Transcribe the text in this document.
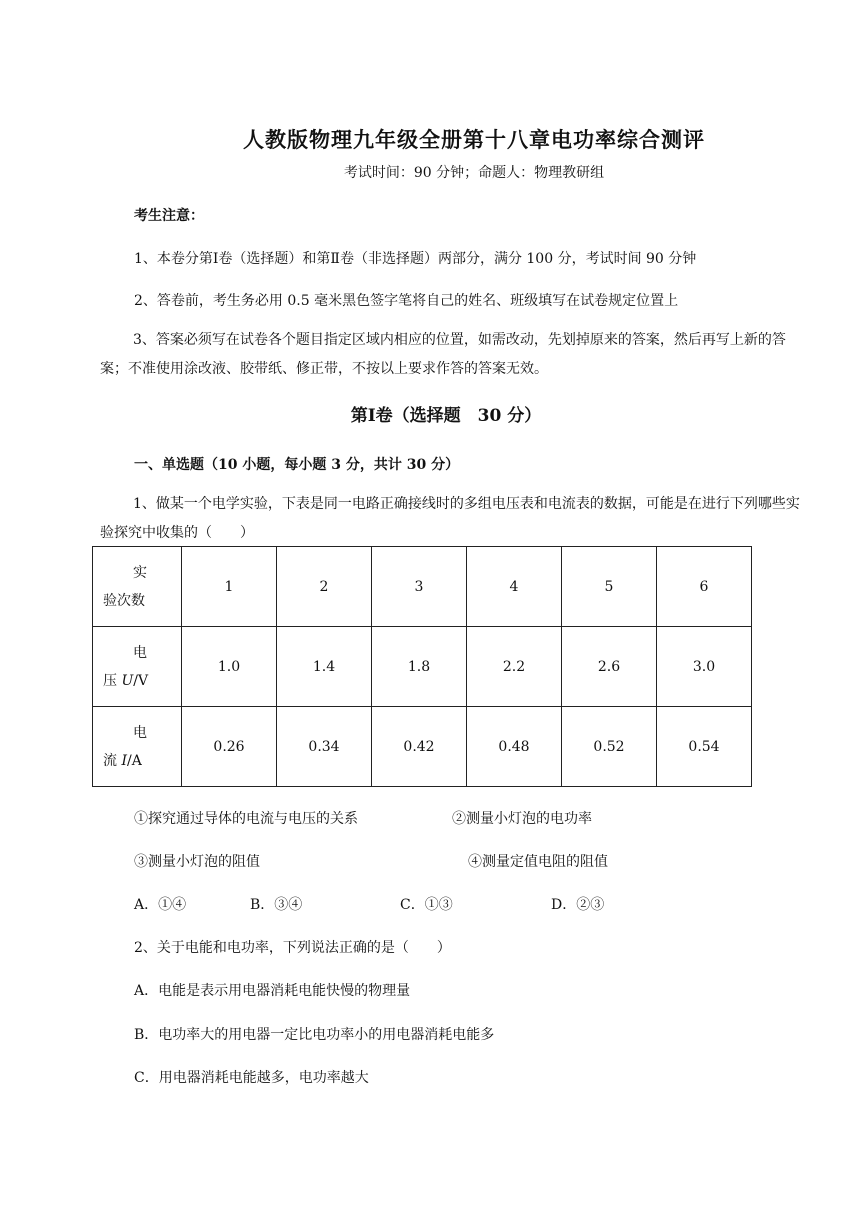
人教版物理九年级全册第十八章电功率综合测评
考试时间：90 分钟；命题人：物理教研组
考生注意：
1、本卷分第Ⅰ卷（选择题）和第Ⅱ卷（非选择题）两部分，满分 100 分，考试时间 90 分钟
2、答卷前，考生务必用 0.5 毫米黑色签字笔将自己的姓名、班级填写在试卷规定位置上
3、答案必须写在试卷各个题目指定区域内相应的位置，如需改动，先划掉原来的答案，然后再写上新的答案；不准使用涂改液、胶带纸、修正带，不按以上要求作答的答案无效。
第Ⅰ卷（选择题　30 分）
一、单选题（10 小题，每小题 3 分，共计 30 分）
1、做某一个电学实验，下表是同一电路正确接线时的多组电压表和电流表的数据，可能是在进行下列哪些实验探究中收集的（　　）
实
验次数	1	2	3	4	5	6

电
压 U/V	1.0	1.4	1.8	2.2	2.6	3.0

电
流 I/A	0.26	0.34	0.42	0.48	0.52	0.54
①探究通过导体的电流与电压的关系	②测量小灯泡的电功率
③测量小灯泡的阻值	④测量定值电阻的阻值
A．①④	B．③④	C．①③	D．②③
2、关于电能和电功率，下列说法正确的是（　　）
A．电能是表示用电器消耗电能快慢的物理量
B．电功率大的用电器一定比电功率小的用电器消耗电能多
C．用电器消耗电能越多，电功率越大
